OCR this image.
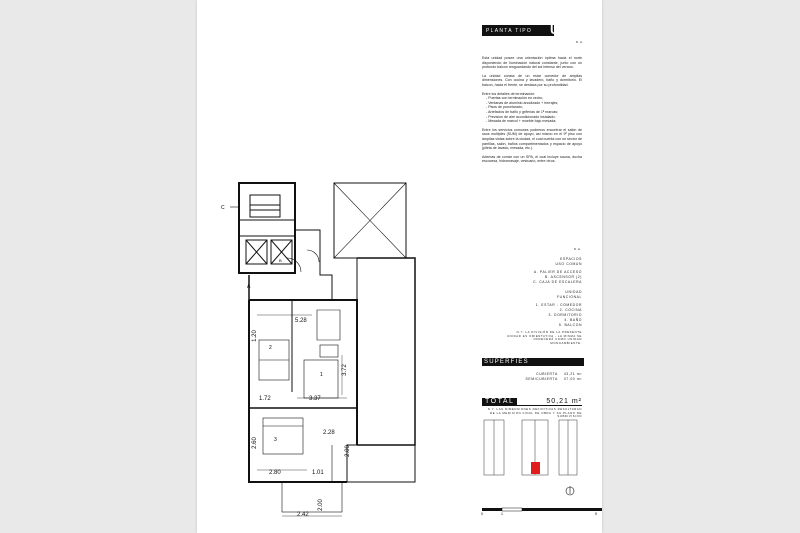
5.28
3.37
3.72
1.72
2.60
2.28
2.80	1.01
2.00
2.42
2.00
1.20
1
2
3
A
B
C
PLANTA TIPO UF/C
N.A.
Esta unidad posee una orientación óptima hacia el norte disponiendo de iluminación natural constante, junto con un profundo balcon resguardando del sol intenso del verano.
La unidad consta de un estar comedor de amplias dimensiones. Con cocina y lavadero, baño y dormitorio. El balcon, hacia el frente, se destaca por su profundidad.
Entre los detalles de terminación:
- Puertas con terminación en cedro;
- Ventanas de aluminio anodizado + herrajes;
- Pisos de porcelanato;
- Artefactos de baño y griferías de 1ª marcas;
- Prevision de aire acondicionado instalado;
- Mesada de marcol + mueble bajo mesada;
Entre los servicios comunes podemos encontrar el salón de usos multiples (SUM) de apoyo, asi mismo en el 9º piso con amplias vistas sobre la ciudad, el cual cuenta con un sector de parrillas, salón, baños compartimentados y espacio de apoyo (pileta de lavado, mesada, etc.).
Ademas de contar con un SPA, el cual incluye sauna, ducha escocesa, hidromasaje, vestuario, entre otros.
N.A.
ESPACIOS
USO COMUN
A. PALIER DE ACCESO
B. ASCENSOR (2)
C. CAJA DE ESCALERA
UNIDAD
FUNCIONAL
1. ESTAR - COMEDOR
2. COCINA
3. DORMITORIO
4. BAÑO
5. BALCON
N.Y. LA DIVISIÓN DE LA PRESENTE UNIDAD ES ORIENTATIVA - LA MISMA SE OFRECERÁ COMO UNIDAD MONOAMBIENTE.
SUPERFIES
CUBIERTA 43,21 m²
SEMICUBIERTA 07,00 m²
TOTAL	50,21 m²
N.Y. LAS DIMENSIONES DEFINITIVAS RESULTARAN DE LA MEDICION FINAL DE OBRA Y SU PLANO DE SUBDIVISION
0	1	5
